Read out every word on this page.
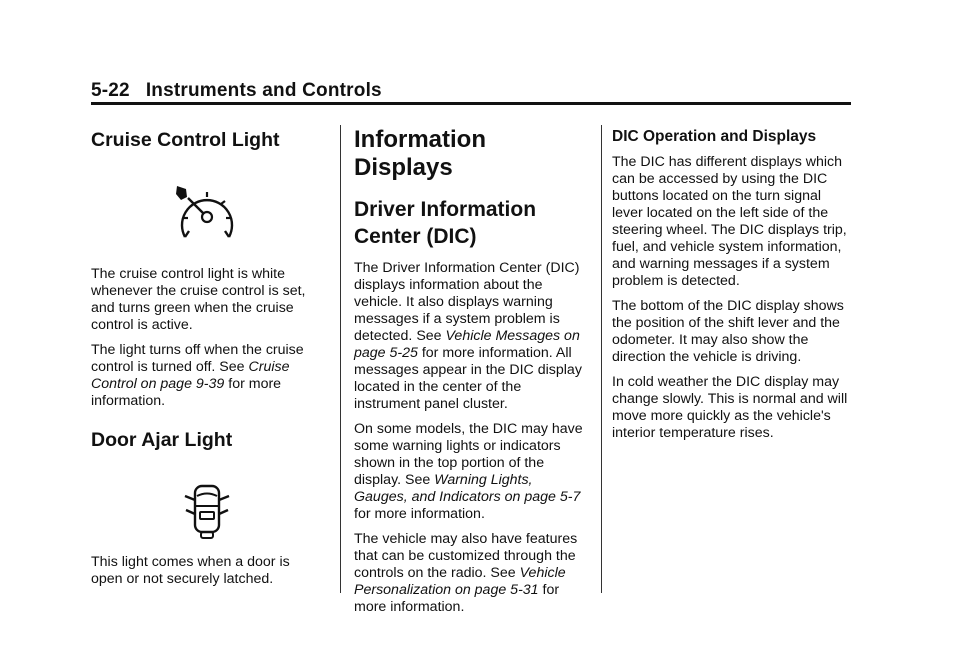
5-22 Instruments and Controls
Cruise Control Light

The cruise control light is white whenever the cruise control is set, and turns green when the cruise control is active.

The light turns off when the cruise control is turned off. See Cruise Control on page 9-39 for more information.

Door Ajar Light

This light comes when a door is open or not securely latched.

Information Displays
Driver Information Center (DIC)

The Driver Information Center (DIC) displays information about the vehicle. It also displays warning messages if a system problem is detected. See Vehicle Messages on page 5-25 for more information. All messages appear in the DIC display located in the center of the instrument panel cluster.

On some models, the DIC may have some warning lights or indicators shown in the top portion of the display. See Warning Lights, Gauges, and Indicators on page 5-7 for more information.

The vehicle may also have features that can be customized through the controls on the radio. See Vehicle Personalization on page 5-31 for more information.

DIC Operation and Displays

The DIC has different displays which can be accessed by using the DIC buttons located on the turn signal lever located on the left side of the steering wheel. The DIC displays trip, fuel, and vehicle system information, and warning messages if a system problem is detected.

The bottom of the DIC display shows the position of the shift lever and the odometer. It may also show the direction the vehicle is driving.

In cold weather the DIC display may change slowly. This is normal and will move more quickly as the vehicle's interior temperature rises.
